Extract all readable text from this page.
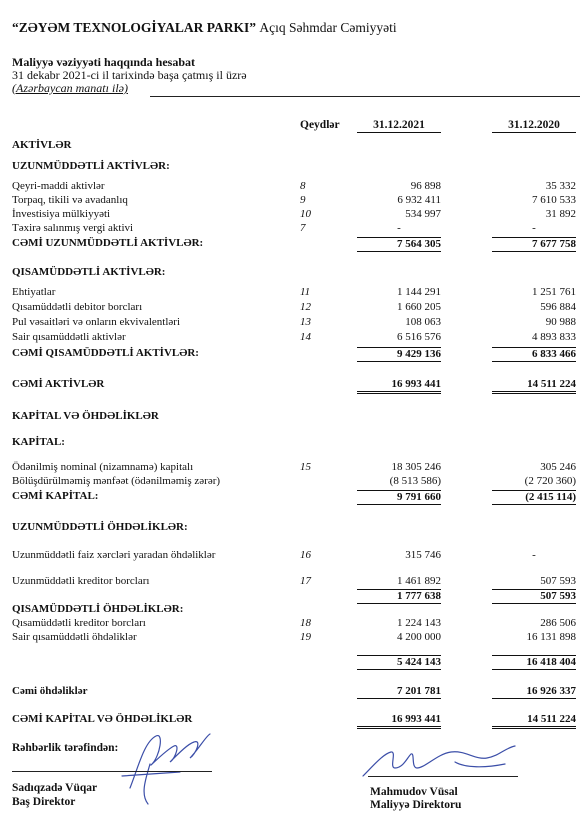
“ZƏYƏM TEXNOLOGİYALAR PARKI” Açıq Səhmdar Cəmiyyəti
Maliyyə vəziyyəti haqqında hesabat
31 dekabr 2021-ci il tarixində başa çatmış il üzrə
(Azərbaycan manatı ilə)
Qeydlər	31.12.2021	31.12.2020
AKTİVLƏR
UZUNMÜDDƏTLİ AKTİVLƏR:
Qeyri-maddi aktivlər	8	96 898	35 332
Torpaq, tikili və avadanlıq	9	6 932 411	7 610 533
İnvestisiya mülkiyyəti	10	534 997	31 892
Təxirə salınmış vergi aktivi	7	-	-
CƏMİ UZUNMÜDDƏTLİ AKTİVLƏR:	7 564 305	7 677 758
QISAMÜDDƏTLİ AKTİVLƏR:
Ehtiyatlar	11	1 144 291	1 251 761
Qısamüddətli debitor borcları	12	1 660 205	596 884
Pul vəsaitləri və onların ekvivalentləri	13	108 063	90 988
Sair qısamüddətli aktivlər	14	6 516 576	4 893 833
CƏMİ QISAMÜDDƏTLİ AKTİVLƏR:	9 429 136	6 833 466
CƏMİ AKTİVLƏR	16 993 441	14 511 224
KAPİTAL VƏ ÖHDƏLİKLƏR
KAPİTAL:
Ödənilmiş nominal (nizamnamə) kapitalı	15	18 305 246	305 246
Bölüşdürülməmiş mənfəət (ödənilməmiş zərər)	(8 513 586)	(2 720 360)
CƏMİ KAPİTAL:	9 791 660	(2 415 114)
UZUNMÜDDƏTLİ ÖHDƏLİKLƏR:
Uzunmüddətli faiz xərcləri yaradan öhdəliklər	16	315 746	-
Uzunmüddətli kreditor borcları	17	1 461 892	507 593
1 777 638	507 593
QISAMÜDDƏTLİ ÖHDƏLİKLƏR:
Qısamüddətli kreditor borcları	18	1 224 143	286 506
Sair qısamüddətli öhdəliklər	19	4 200 000	16 131 898
5 424 143	16 418 404
Cəmi öhdəliklər	7 201 781	16 926 337
CƏMİ KAPİTAL VƏ ÖHDƏLİKLƏR	16 993 441	14 511 224
Rəhbərlik tərəfindən:
Sadıqzadə Vüqar
Baş Direktor
Mahmudov Vüsal
Maliyyə Direktoru
